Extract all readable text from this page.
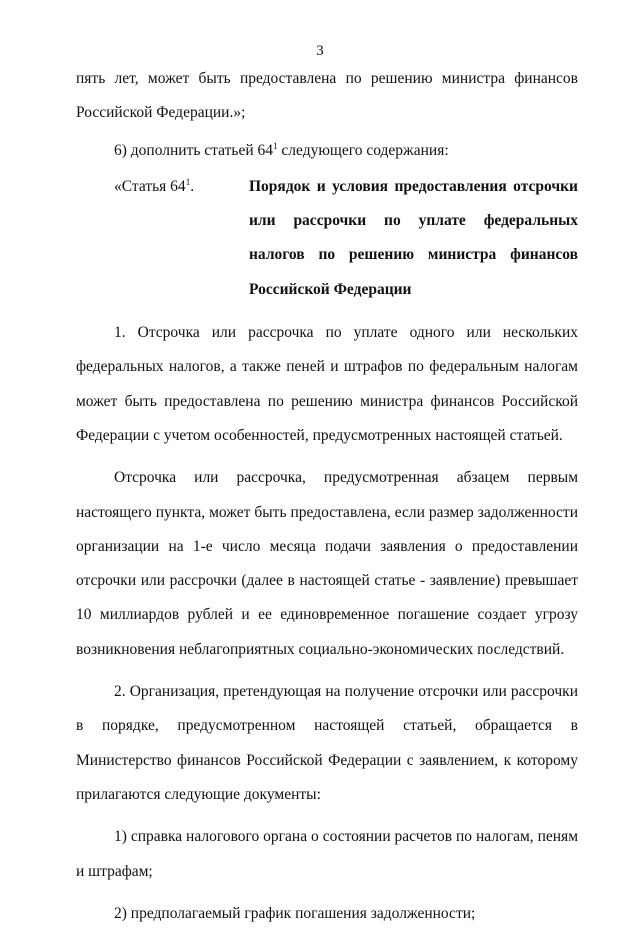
3

пять лет, может быть предоставлена по решению министра финансов Российской Федерации.»;

6) дополнить статьей $64^1$ следующего содержания:

«Статья $64^1$.	Порядок и условия предоставления отсрочки или рассрочки по уплате федеральных налогов по решению министра финансов Российской Федерации

1. Отсрочка или рассрочка по уплате одного или нескольких федеральных налогов, а также пеней и штрафов по федеральным налогам может быть предоставлена по решению министра финансов Российской Федерации с учетом особенностей, предусмотренных настоящей статьей.

Отсрочка или рассрочка, предусмотренная абзацем первым настоящего пункта, может быть предоставлена, если размер задолженности организации на 1-е число месяца подачи заявления о предоставлении отсрочки или рассрочки (далее в настоящей статье - заявление) превышает 10 миллиардов рублей и ее единовременное погашение создает угрозу возникновения неблагоприятных социально-экономических последствий.

2. Организация, претендующая на получение отсрочки или рассрочки в порядке, предусмотренном настоящей статьей, обращается в Министерство финансов Российской Федерации с заявлением, к которому прилагаются следующие документы:

1) справка налогового органа о состоянии расчетов по налогам, пеням и штрафам;

2) предполагаемый график погашения задолженности;
